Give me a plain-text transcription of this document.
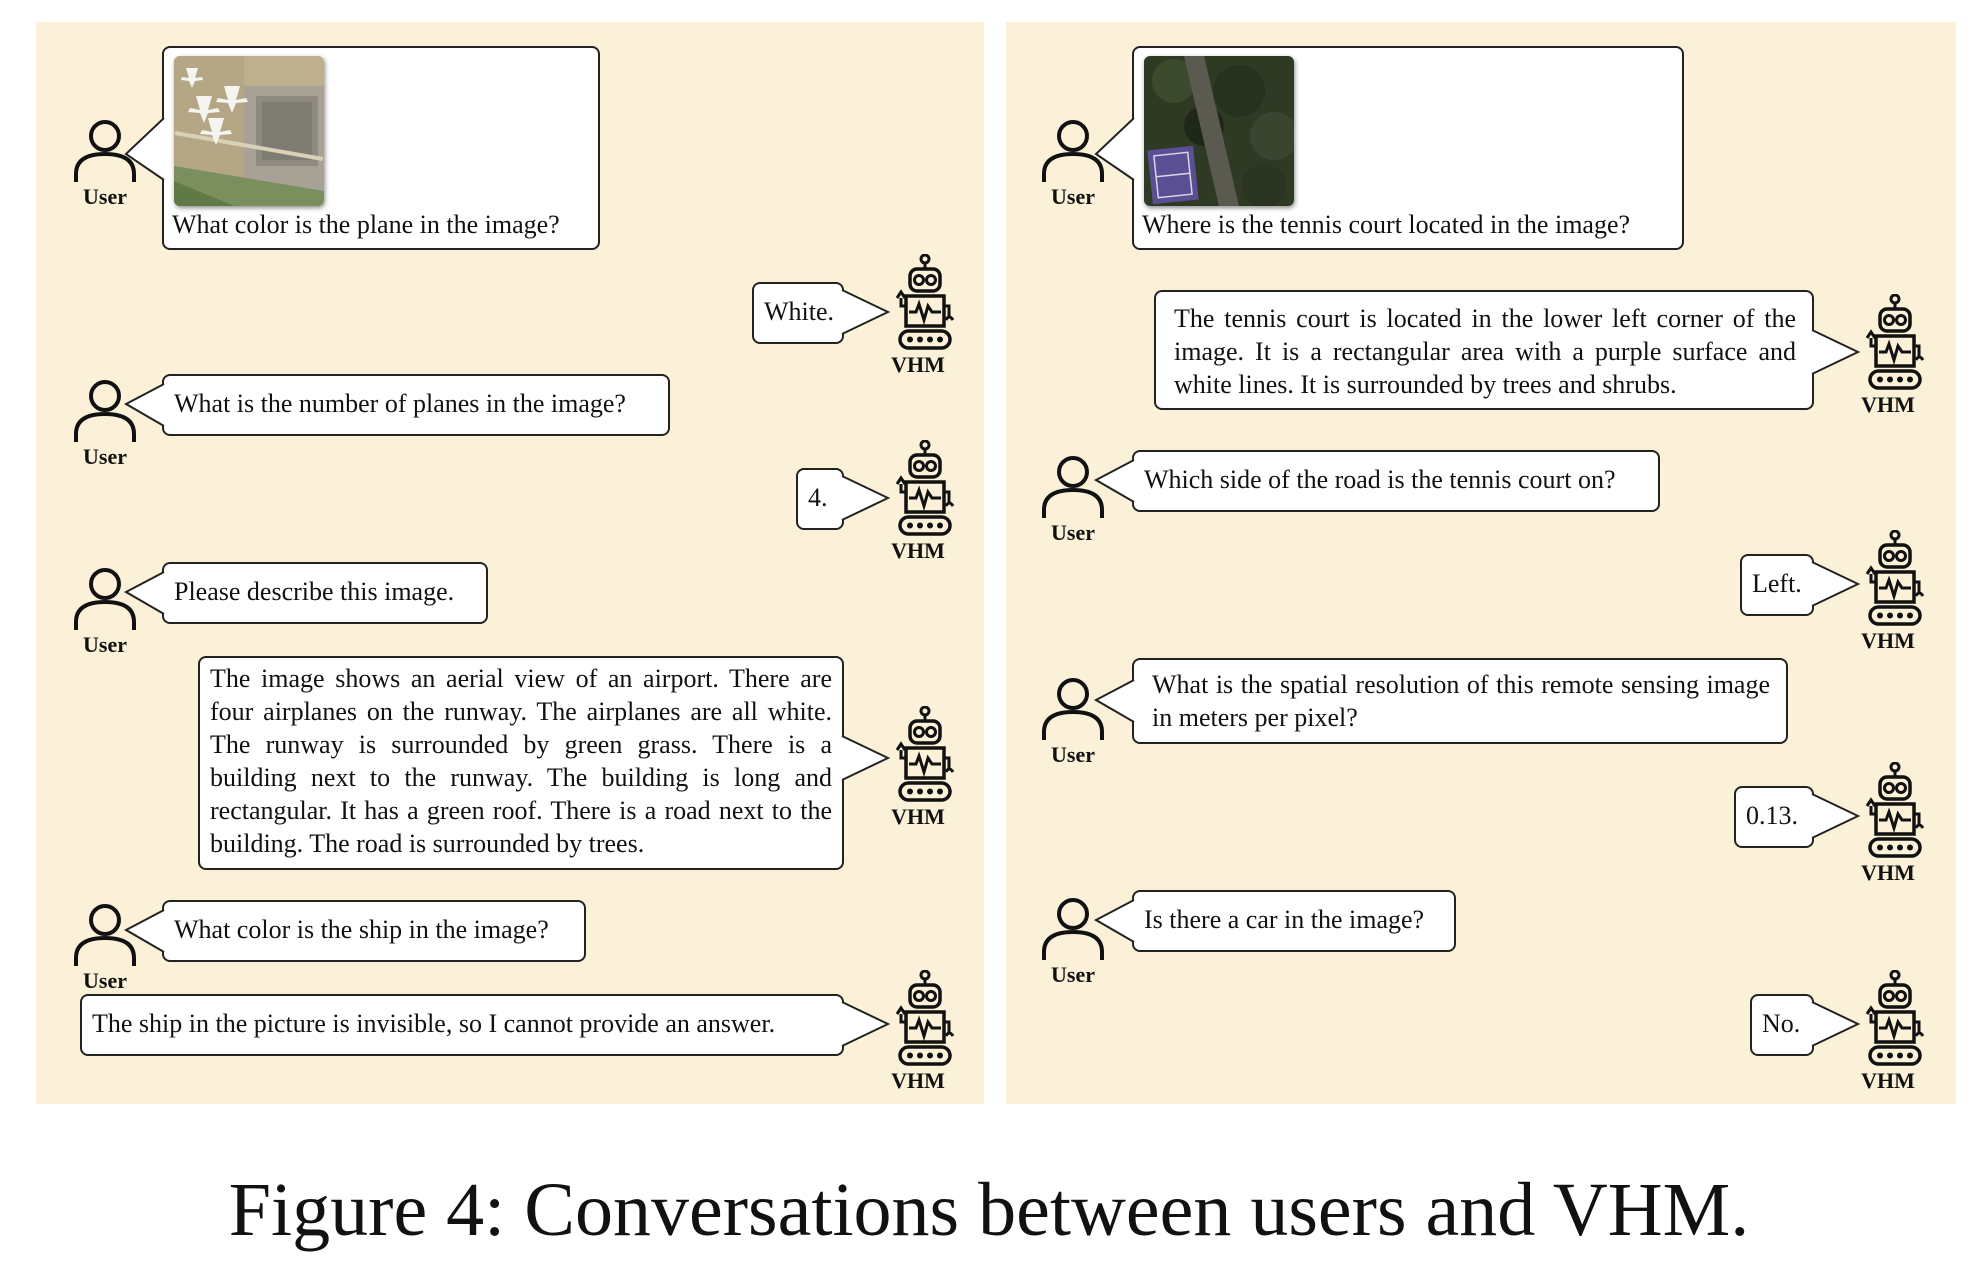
User
What color is the plane in the image?
White.
VHM
User
What is the number of planes in the image?
4.
VHM
User
Please describe this image.
The image shows an aerial view of an airport. There are four airplanes on the runway. The airplanes are all white. The runway is surrounded by green grass. There is a building next to the runway. The building is long and rectangular. It has a green roof. There is a road next to the building. The road is surrounded by trees.
VHM
User
What color is the ship in the image?
The ship in the picture is invisible, so I cannot provide an answer.
VHM
User
Where is the tennis court located in the image?
The tennis court is located in the lower left corner of the image. It is a rectangular area with a purple surface and white lines. It is surrounded by trees and shrubs.
VHM
User
Which side of the road is the tennis court on?
Left.
VHM
User
What is the spatial resolution of this remote sensing image in meters per pixel?
0.13.
VHM
User
Is there a car in the image?
No.
VHM
Figure 4: Conversations between users and VHM.
